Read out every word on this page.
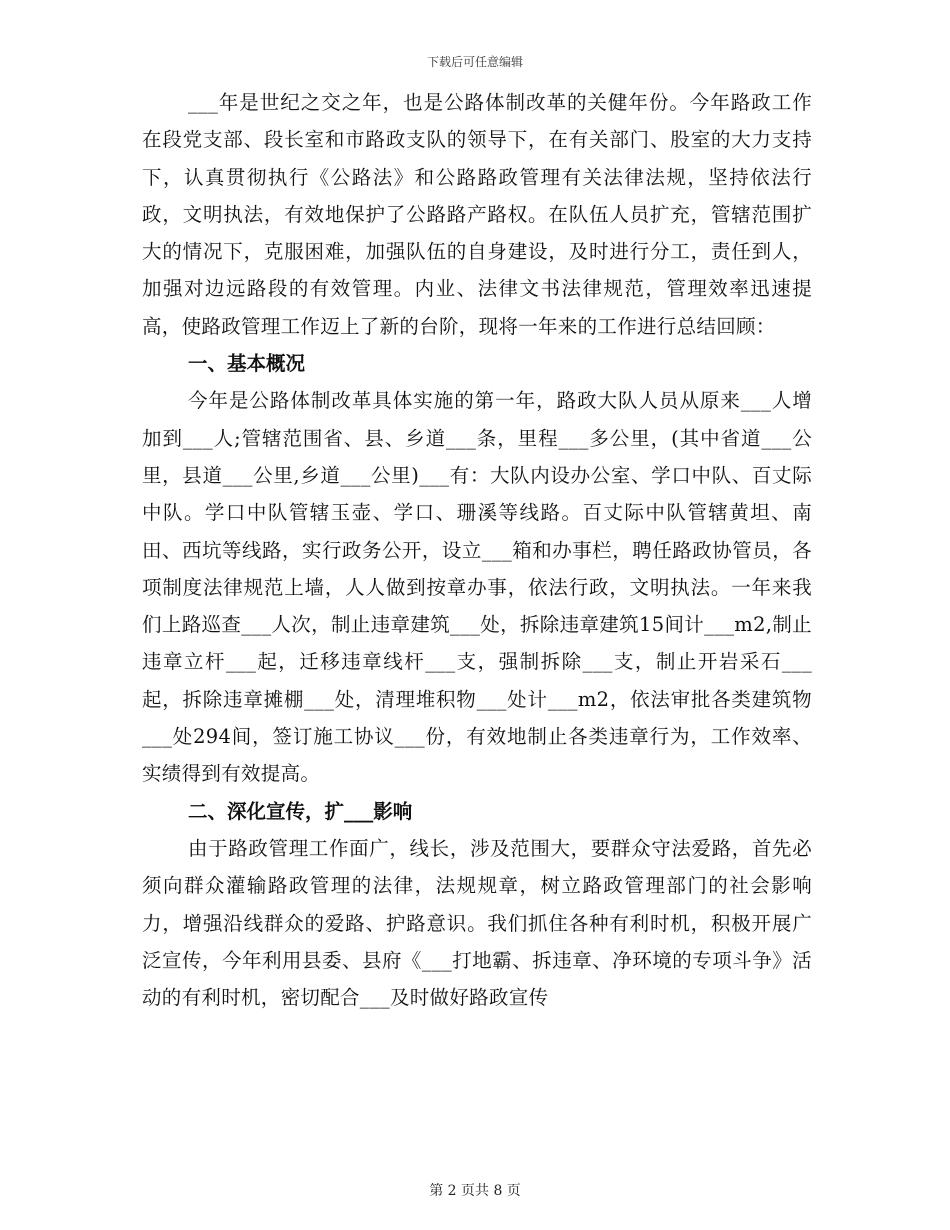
下载后可任意编辑

___年是世纪之交之年，也是公路体制改革的关健年份。今年路政工作在段党支部、段长室和市路政支队的领导下，在有关部门、股室的大力支持下，认真贯彻执行《公路法》和公路路政管理有关法律法规，坚持依法行政，文明执法，有效地保护了公路路产路权。在队伍人员扩充，管辖范围扩大的情况下，克服困难，加强队伍的自身建设，及时进行分工，责任到人，加强对边远路段的有效管理。内业、法律文书法律规范，管理效率迅速提高，使路政管理工作迈上了新的台阶，现将一年来的工作进行总结回顾：

一、基本概况

今年是公路体制改革具体实施的第一年，路政大队人员从原来___人增加到___人;管辖范围省、县、乡道___条，里程___多公里，(其中省道___公里，县道___公里,乡道___公里)___有：大队内设办公室、学口中队、百丈际中队。学口中队管辖玉壶、学口、珊溪等线路。百丈际中队管辖黄坦、南田、西坑等线路，实行政务公开，设立___箱和办事栏，聘任路政协管员，各项制度法律规范上墙，人人做到按章办事，依法行政，文明执法。一年来我们上路巡查___人次，制止违章建筑___处，拆除违章建筑15间计___m2,制止违章立杆___起，迁移违章线杆___支，强制拆除___支，制止开岩采石___起，拆除违章摊棚___处，清理堆积物___处计___m2，依法审批各类建筑物___处294间，签订施工协议___份，有效地制止各类违章行为，工作效率、实绩得到有效提高。

二、深化宣传，扩___影响

由于路政管理工作面广，线长，涉及范围大，要群众守法爱路，首先必须向群众灌输路政管理的法律，法规规章，树立路政管理部门的社会影响力，增强沿线群众的爱路、护路意识。我们抓住各种有利时机，积极开展广泛宣传，今年利用县委、县府《___打地霸、拆违章、净环境的专项斗争》活动的有利时机，密切配合___及时做好路政宣传

第 2 页共 8 页
